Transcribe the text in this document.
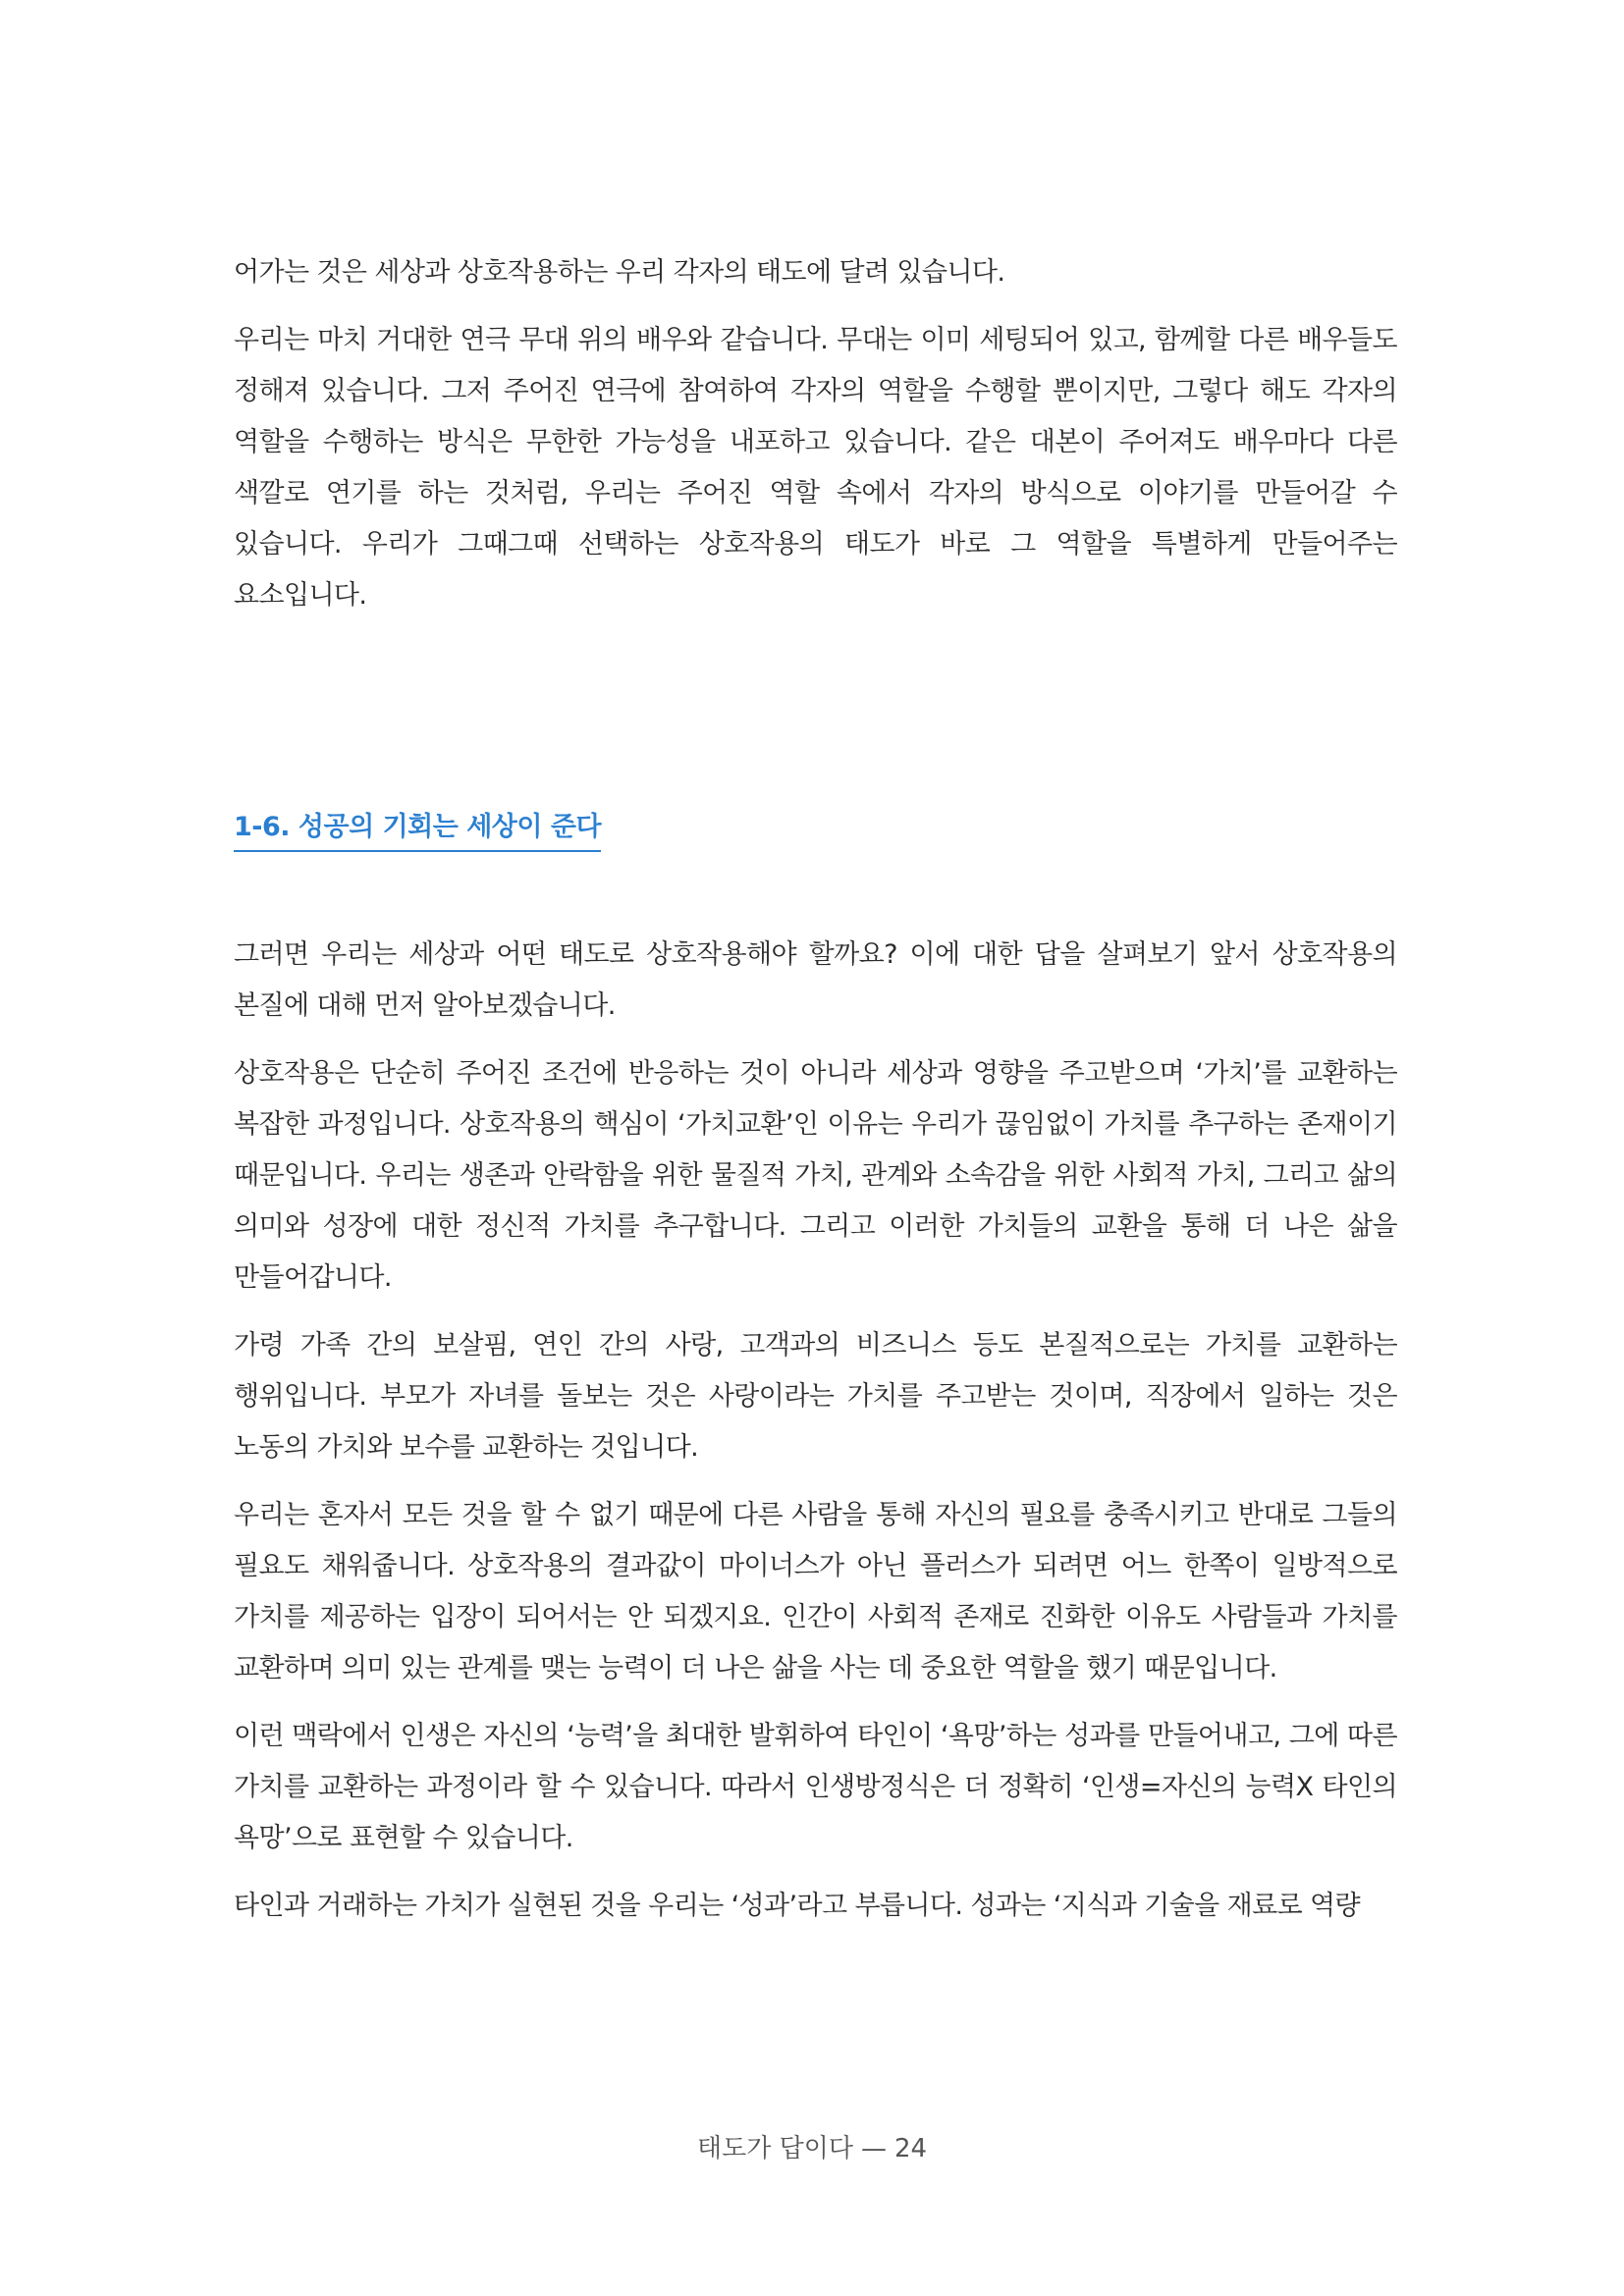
어가는 것은 세상과 상호작용하는 우리 각자의 태도에 달려 있습니다.

우리는 마치 거대한 연극 무대 위의 배우와 같습니다. 무대는 이미 세팅되어 있고, 함께할 다른 배우들도 정해져 있습니다. 그저 주어진 연극에 참여하여 각자의 역할을 수행할 뿐이지만, 그렇다 해도 각자의 역할을 수행하는 방식은 무한한 가능성을 내포하고 있습니다. 같은 대본이 주어져도 배우마다 다른 색깔로 연기를 하는 것처럼, 우리는 주어진 역할 속에서 각자의 방식으로 이야기를 만들어갈 수 있습니다. 우리가 그때그때 선택하는 상호작용의 태도가 바로 그 역할을 특별하게 만들어주는 요소입니다.

1-6. 성공의 기회는 세상이 준다

그러면 우리는 세상과 어떤 태도로 상호작용해야 할까요? 이에 대한 답을 살펴보기 앞서 상호작용의 본질에 대해 먼저 알아보겠습니다.

상호작용은 단순히 주어진 조건에 반응하는 것이 아니라 세상과 영향을 주고받으며 ‘가치’를 교환하는 복잡한 과정입니다. 상호작용의 핵심이 ‘가치교환’인 이유는 우리가 끊임없이 가치를 추구하는 존재이기 때문입니다. 우리는 생존과 안락함을 위한 물질적 가치, 관계와 소속감을 위한 사회적 가치, 그리고 삶의 의미와 성장에 대한 정신적 가치를 추구합니다. 그리고 이러한 가치들의 교환을 통해 더 나은 삶을 만들어갑니다.

가령 가족 간의 보살핌, 연인 간의 사랑, 고객과의 비즈니스 등도 본질적으로는 가치를 교환하는 행위입니다. 부모가 자녀를 돌보는 것은 사랑이라는 가치를 주고받는 것이며, 직장에서 일하는 것은 노동의 가치와 보수를 교환하는 것입니다.

우리는 혼자서 모든 것을 할 수 없기 때문에 다른 사람을 통해 자신의 필요를 충족시키고 반대로 그들의 필요도 채워줍니다. 상호작용의 결과값이 마이너스가 아닌 플러스가 되려면 어느 한쪽이 일방적으로 가치를 제공하는 입장이 되어서는 안 되겠지요. 인간이 사회적 존재로 진화한 이유도 사람들과 가치를 교환하며 의미 있는 관계를 맺는 능력이 더 나은 삶을 사는 데 중요한 역할을 했기 때문입니다.

이런 맥락에서 인생은 자신의 ‘능력’을 최대한 발휘하여 타인이 ‘욕망’하는 성과를 만들어내고, 그에 따른 가치를 교환하는 과정이라 할 수 있습니다. 따라서 인생방정식은 더 정확히 ‘인생=자신의 능력X 타인의 욕망’으로 표현할 수 있습니다.

타인과 거래하는 가치가 실현된 것을 우리는 ‘성과’라고 부릅니다. 성과는 ‘지식과 기술을 재료로 역량

태도가 답이다 — 24
